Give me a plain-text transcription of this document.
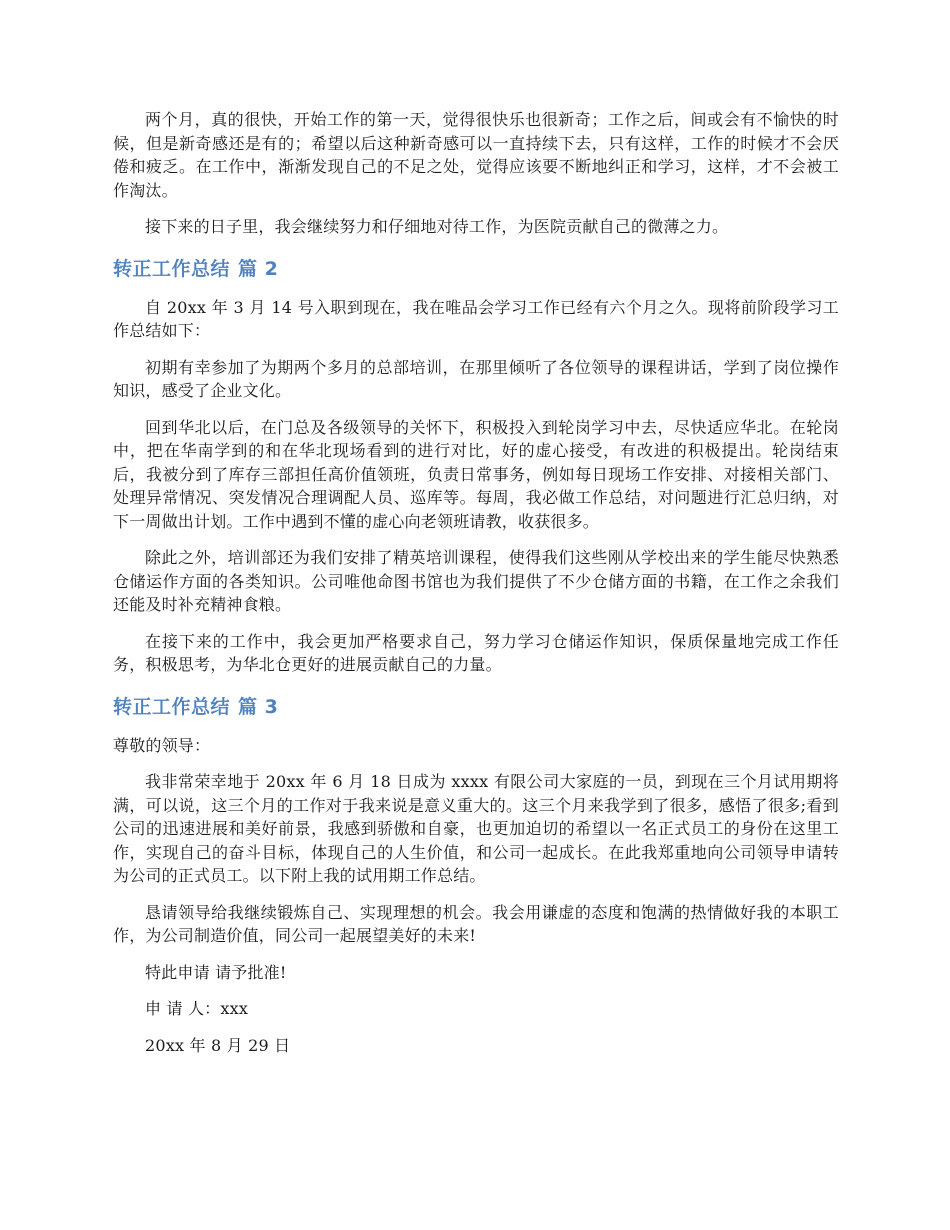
两个月，真的很快，开始工作的第一天，觉得很快乐也很新奇；工作之后，间或会有不愉快的时候，但是新奇感还是有的；希望以后这种新奇感可以一直持续下去，只有这样，工作的时候才不会厌倦和疲乏。在工作中，渐渐发现自己的不足之处，觉得应该要不断地纠正和学习，这样，才不会被工作淘汰。

接下来的日子里，我会继续努力和仔细地对待工作，为医院贡献自己的微薄之力。

转正工作总结 篇 2

自 20xx 年 3 月 14 号入职到现在，我在唯品会学习工作已经有六个月之久。现将前阶段学习工作总结如下：

初期有幸参加了为期两个多月的总部培训，在那里倾听了各位领导的课程讲话，学到了岗位操作知识，感受了企业文化。

回到华北以后，在门总及各级领导的关怀下，积极投入到轮岗学习中去，尽快适应华北。在轮岗中，把在华南学到的和在华北现场看到的进行对比，好的虚心接受，有改进的积极提出。轮岗结束后，我被分到了库存三部担任高价值领班，负责日常事务，例如每日现场工作安排、对接相关部门、处理异常情况、突发情况合理调配人员、巡库等。每周，我必做工作总结，对问题进行汇总归纳，对下一周做出计划。工作中遇到不懂的虚心向老领班请教，收获很多。

除此之外，培训部还为我们安排了精英培训课程，使得我们这些刚从学校出来的学生能尽快熟悉仓储运作方面的各类知识。公司唯他命图书馆也为我们提供了不少仓储方面的书籍，在工作之余我们还能及时补充精神食粮。

在接下来的工作中，我会更加严格要求自己，努力学习仓储运作知识，保质保量地完成工作任务，积极思考，为华北仓更好的进展贡献自己的力量。

转正工作总结 篇 3

尊敬的领导：

我非常荣幸地于 20xx 年 6 月 18 日成为 xxxx 有限公司大家庭的一员，到现在三个月试用期将满，可以说，这三个月的工作对于我来说是意义重大的。这三个月来我学到了很多，感悟了很多;看到公司的迅速进展和美好前景，我感到骄傲和自豪，也更加迫切的希望以一名正式员工的身份在这里工作，实现自己的奋斗目标，体现自己的人生价值，和公司一起成长。在此我郑重地向公司领导申请转为公司的正式员工。以下附上我的试用期工作总结。

恳请领导给我继续锻炼自己、实现理想的机会。我会用谦虚的态度和饱满的热情做好我的本职工作，为公司制造价值，同公司一起展望美好的未来!

特此申请 请予批准!

申 请 人：xxx

20xx 年 8 月 29 日
